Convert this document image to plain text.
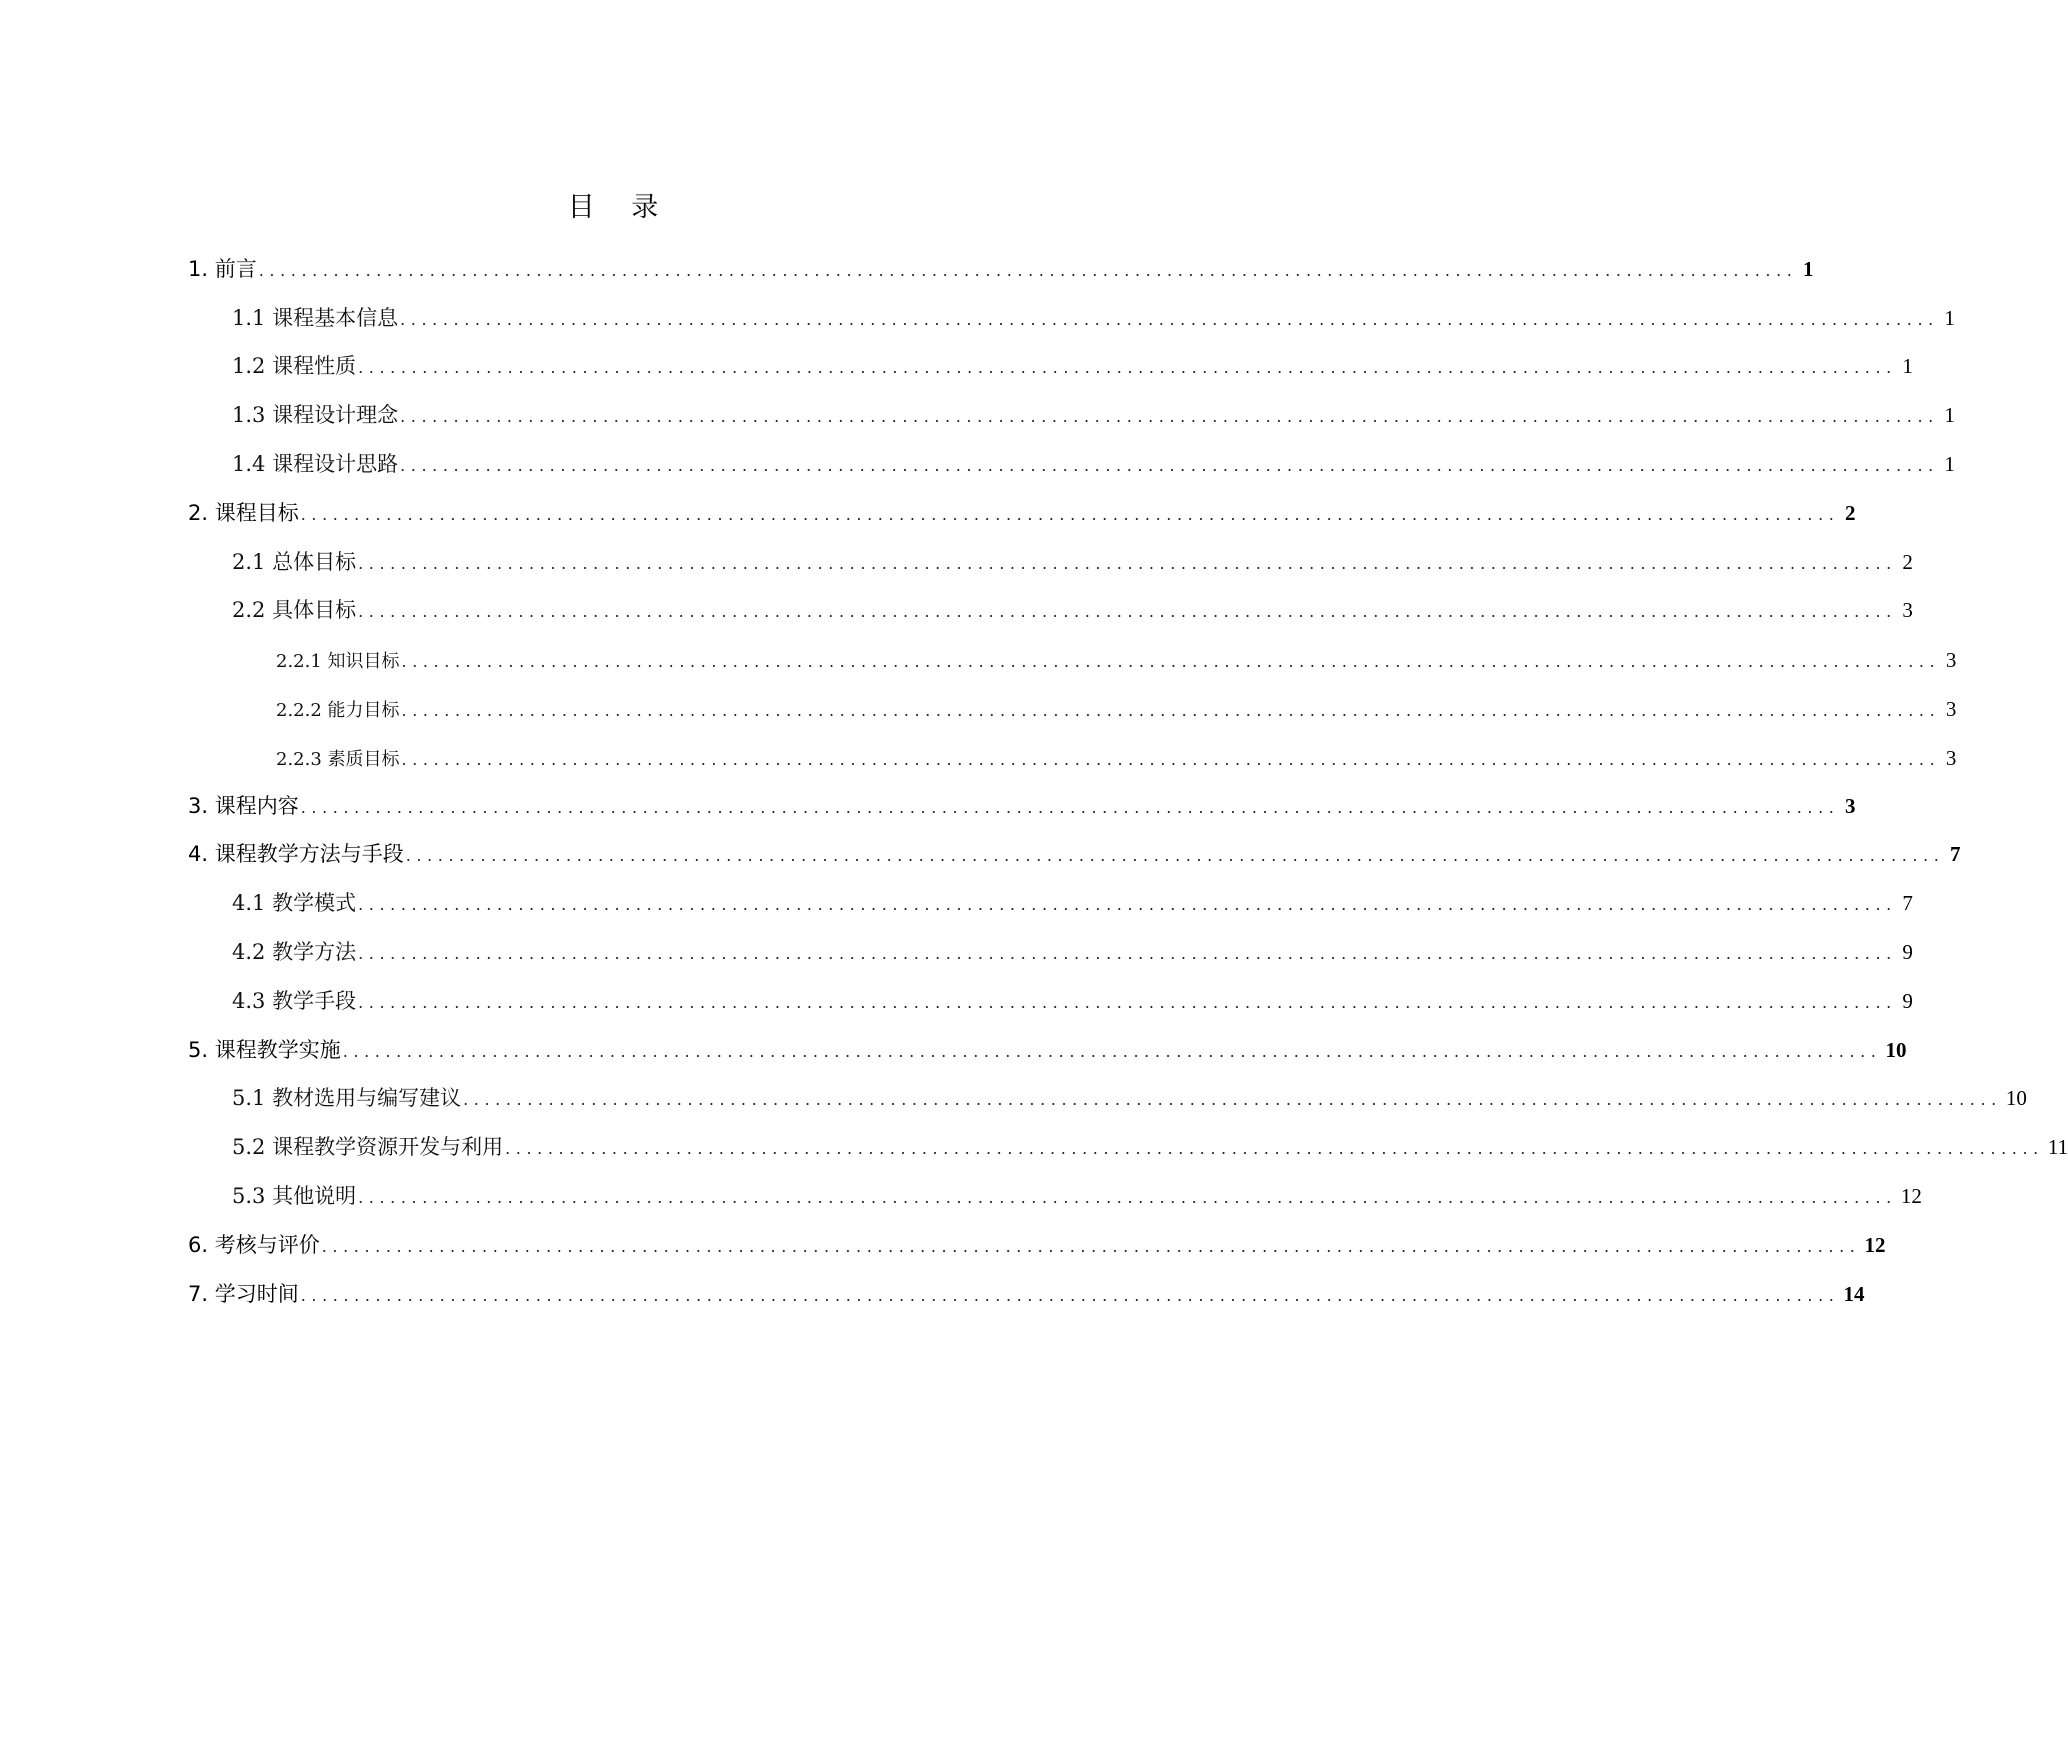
目 录
1. 前言 ................................................................................................................................................ 1
1.1 课程基本信息 ................................................................................................................................................ 1
1.2 课程性质 ................................................................................................................................................ 1
1.3 课程设计理念 ................................................................................................................................................ 1
1.4 课程设计思路 ................................................................................................................................................ 1
2. 课程目标 ................................................................................................................................................ 2
2.1 总体目标 ................................................................................................................................................ 2
2.2 具体目标 ................................................................................................................................................ 3
2.2.1 知识目标 ................................................................................................................................................ 3
2.2.2 能力目标 ................................................................................................................................................ 3
2.2.3 素质目标 ................................................................................................................................................ 3
3. 课程内容 ................................................................................................................................................ 3
4. 课程教学方法与手段 ................................................................................................................................................ 7
4.1 教学模式 ................................................................................................................................................ 7
4.2 教学方法 ................................................................................................................................................ 9
4.3 教学手段 ................................................................................................................................................ 9
5. 课程教学实施 ................................................................................................................................................ 10
5.1 教材选用与编写建议 ................................................................................................................................................ 10
5.2 课程教学资源开发与利用 ................................................................................................................................................ 11
5.3 其他说明 ................................................................................................................................................ 12
6. 考核与评价 ................................................................................................................................................ 12
7. 学习时间 ................................................................................................................................................ 14
